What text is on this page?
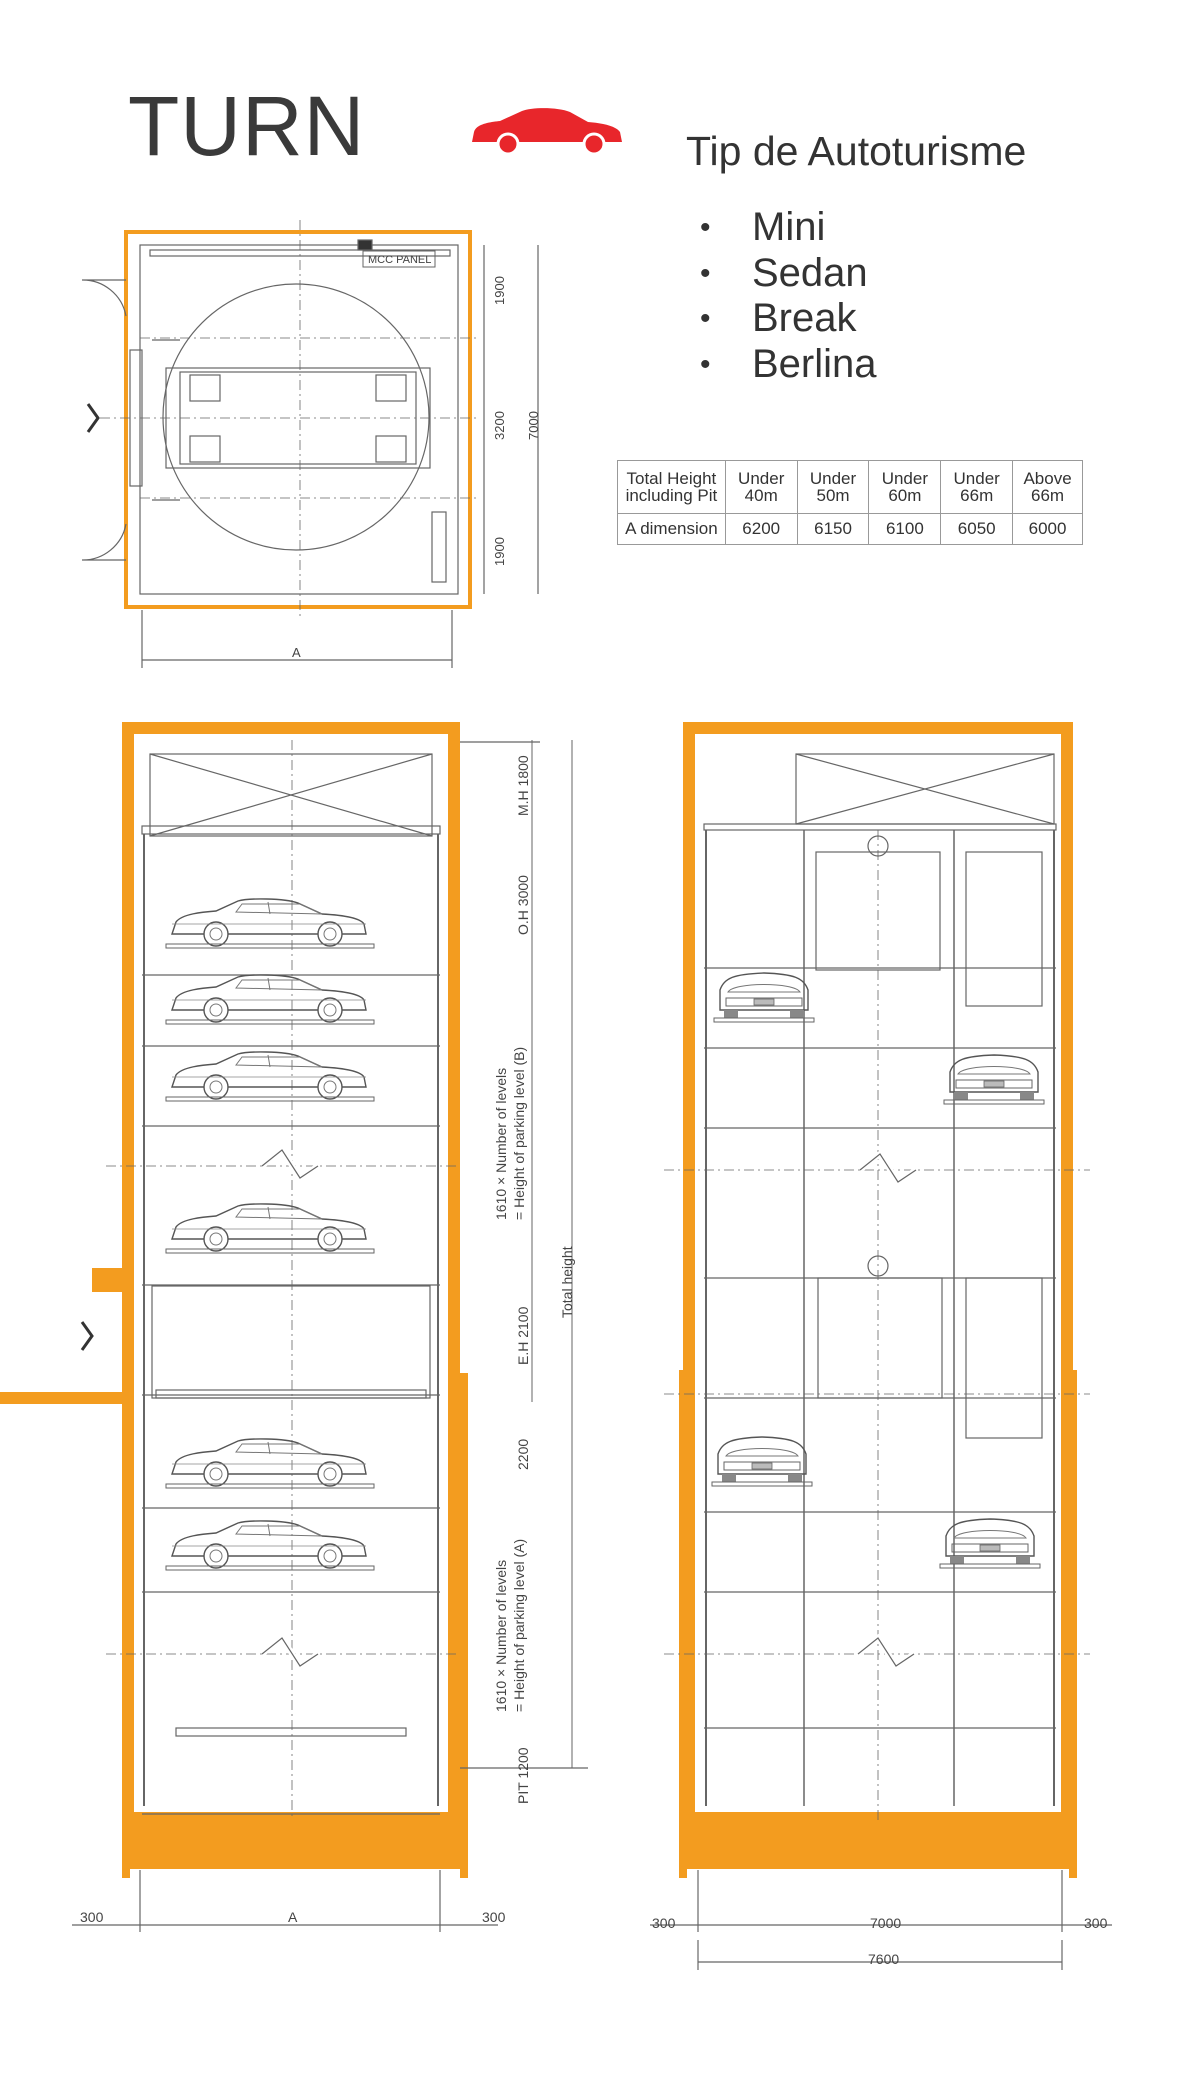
TURN	Tip de Autoturisme
• Mini
• Sedan
• Break
• Berlina
Total Height including Pit	Under 40m	Under 50m	Under 60m	Under 66m	Above 66m
A dimension	6200	6150	6100	6050	6000
MCC PANEL
1900
3200
1900
7000
A
M.H 1800
O.H 3000
1610 × Number of levels = Height of parking level (B)
E.H 2100
2200
1610 × Number of levels = Height of parking level (A)
PIT 1200
Total height
300	A	300	300	7000	300
7600
